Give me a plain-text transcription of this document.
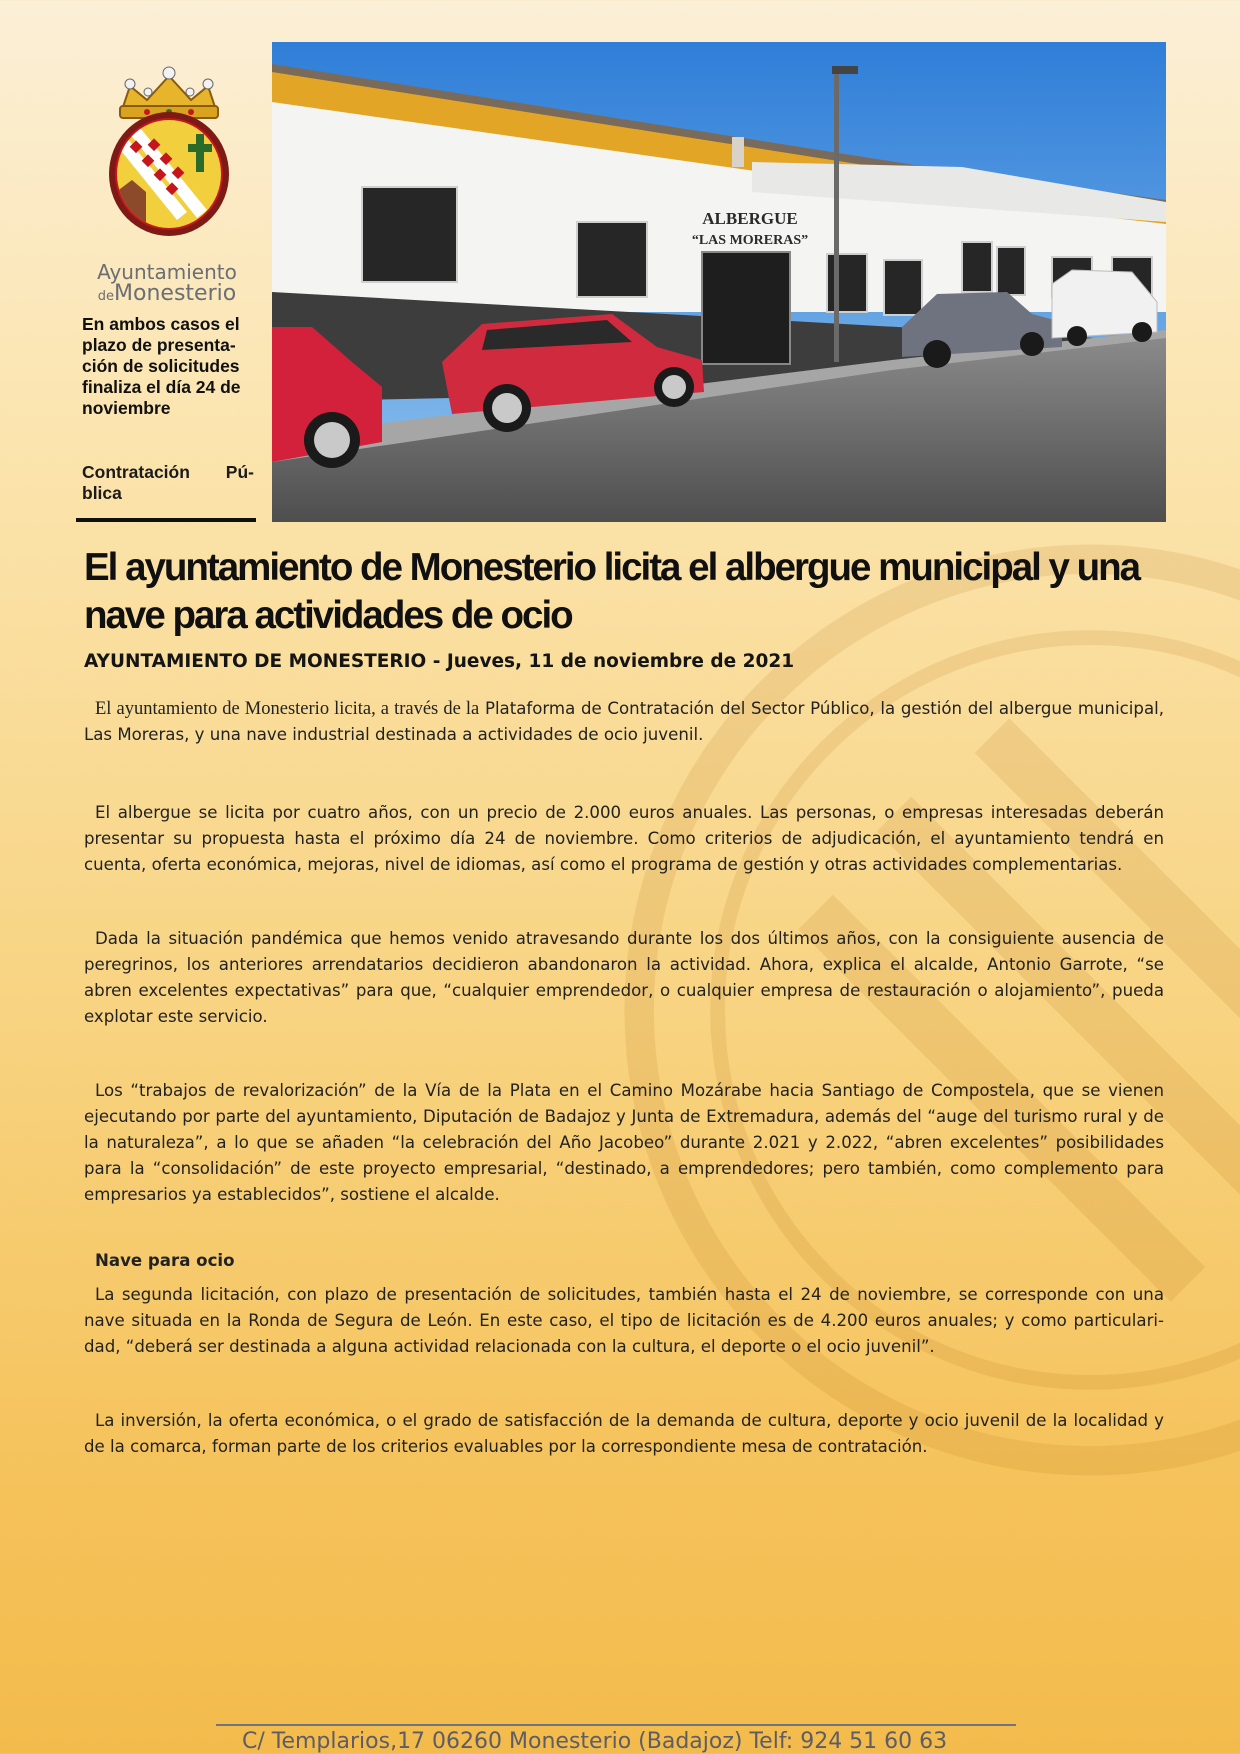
Ayuntamiento
deMonesterio
En ambos casos el plazo de presenta-ción de solicitudes finaliza el día 24 de noviembre
Contratación Pú-blica
ALBERGUE
“LAS MORERAS”
El ayuntamiento de Monesterio licita el albergue municipal y una nave para actividades de ocio

AYUNTAMIENTO DE MONESTERIO - Jueves, 11 de noviembre de 2021

El ayuntamiento de Monesterio licita, a través de la Plataforma de Contratación del Sector Público, la gestión del albergue municipal, Las Moreras, y una nave industrial destinada a actividades de ocio juvenil.

El albergue se licita por cuatro años, con un precio de 2.000 euros anuales. Las personas, o empresas interesadas deberán presentar su propuesta hasta el próximo día 24 de noviembre. Como criterios de adjudicación, el ayuntamiento tendrá en cuenta, oferta económica, mejoras, nivel de idiomas, así como el programa de gestión y otras actividades complementarias.

Dada la situación pandémica que hemos venido atravesando durante los dos últimos años, con la consiguiente ausencia de peregrinos, los anteriores arrendatarios decidieron abandonaron la actividad. Ahora, explica el alcalde, Antonio Garrote, “se abren excelentes expectativas” para que, “cualquier emprendedor, o cualquier empresa de restauración o alojamiento”, pueda explotar este servicio.

Los “trabajos de revalorización” de la Vía de la Plata en el Camino Mozárabe hacia Santiago de Compostela, que se vienen ejecutando por parte del ayuntamiento, Diputación de Badajoz y Junta de Extremadura, además del “auge del turismo rural y de la naturaleza”, a lo que se añaden “la celebración del Año Jacobeo” durante 2.021 y 2.022, “abren excelentes” posibilidades para la “consolidación” de este proyecto empresarial, “destinado, a emprendedores; pero también, como complemento para empresarios ya establecidos”, sostiene el alcalde.

Nave para ocio

La segunda licitación, con plazo de presentación de solicitudes, también hasta el 24 de noviembre, se corresponde con una nave situada en la Ronda de Segura de León. En este caso, el tipo de licitación es de 4.200 euros anuales; y como particulari-dad, “deberá ser destinada a alguna actividad relacionada con la cultura, el deporte o el ocio juvenil”.

La inversión, la oferta económica, o el grado de satisfacción de la demanda de cultura, deporte y ocio juvenil de la localidad y de la comarca, forman parte de los criterios evaluables por la correspondiente mesa de contratación.

C/ Templarios,17 06260 Monesterio (Badajoz) Telf: 924 51 60 63
